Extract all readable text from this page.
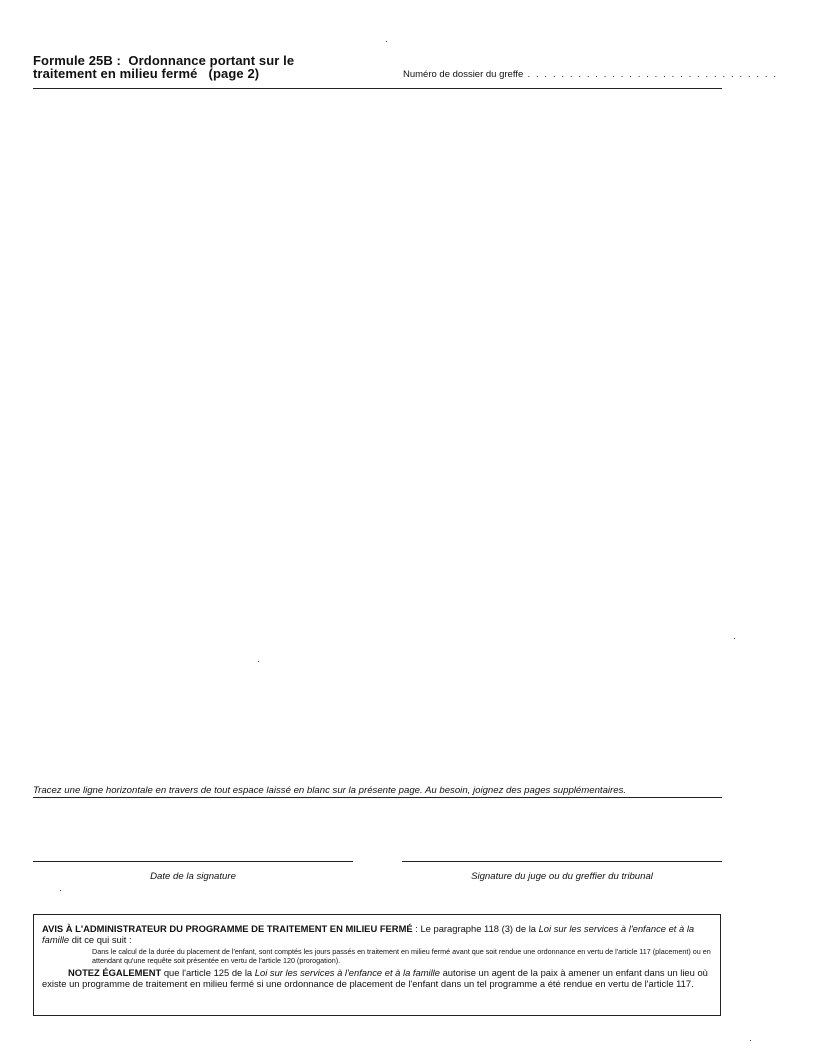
Formule 25B :  Ordonnance portant sur le
traitement en milieu fermé   (page 2)	Numéro de dossier du greffe . . . . . . . . . . . . . . . . . . . . . . . . . . . . . .
Tracez une ligne horizontale en travers de tout espace laissé en blanc sur la présente page. Au besoin, joignez des pages supplémentaires.
Date de la signature	Signature du juge ou du greffier du tribunal

AVIS À L'ADMINISTRATEUR DU PROGRAMME DE TRAITEMENT EN MILIEU FERMÉ : Le paragraphe 118 (3) de la Loi sur les services à l'enfance et à la famille dit ce qui suit :

Dans le calcul de la durée du placement de l'enfant, sont comptés les jours passés en traitement en milieu fermé avant que soit rendue une ordonnance en vertu de l'article 117 (placement) ou en attendant qu'une requête soit présentée en vertu de l'article 120 (prorogation).

NOTEZ ÉGALEMENT que l'article 125 de la Loi sur les services à l'enfance et à la famille autorise un agent de la paix à amener un enfant dans un lieu où existe un programme de traitement en milieu fermé si une ordonnance de placement de l'enfant dans un tel programme a été rendue en vertu de l'article 117.
